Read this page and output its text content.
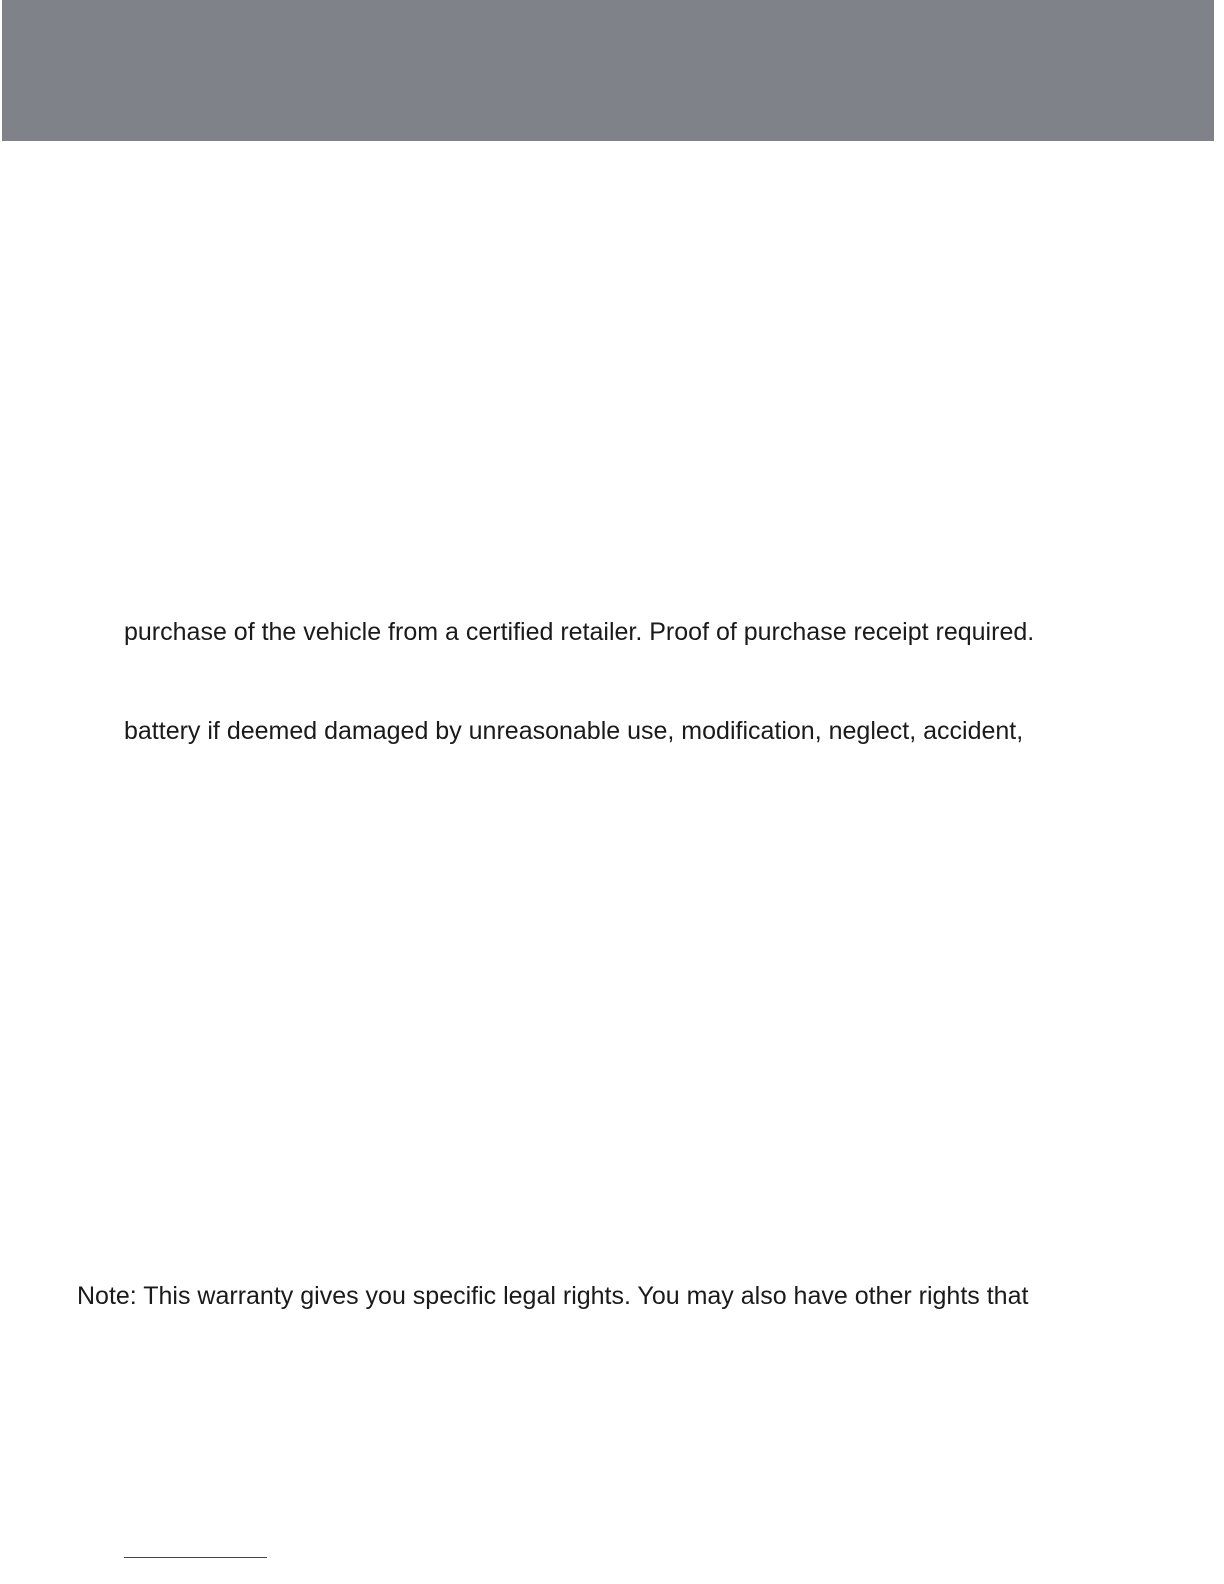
purchase of the vehicle from a certified retailer. Proof of purchase receipt required.
battery if deemed damaged by unreasonable use, modification, neglect, accident,
Note: This warranty gives you specific legal rights. You may also have other rights that
